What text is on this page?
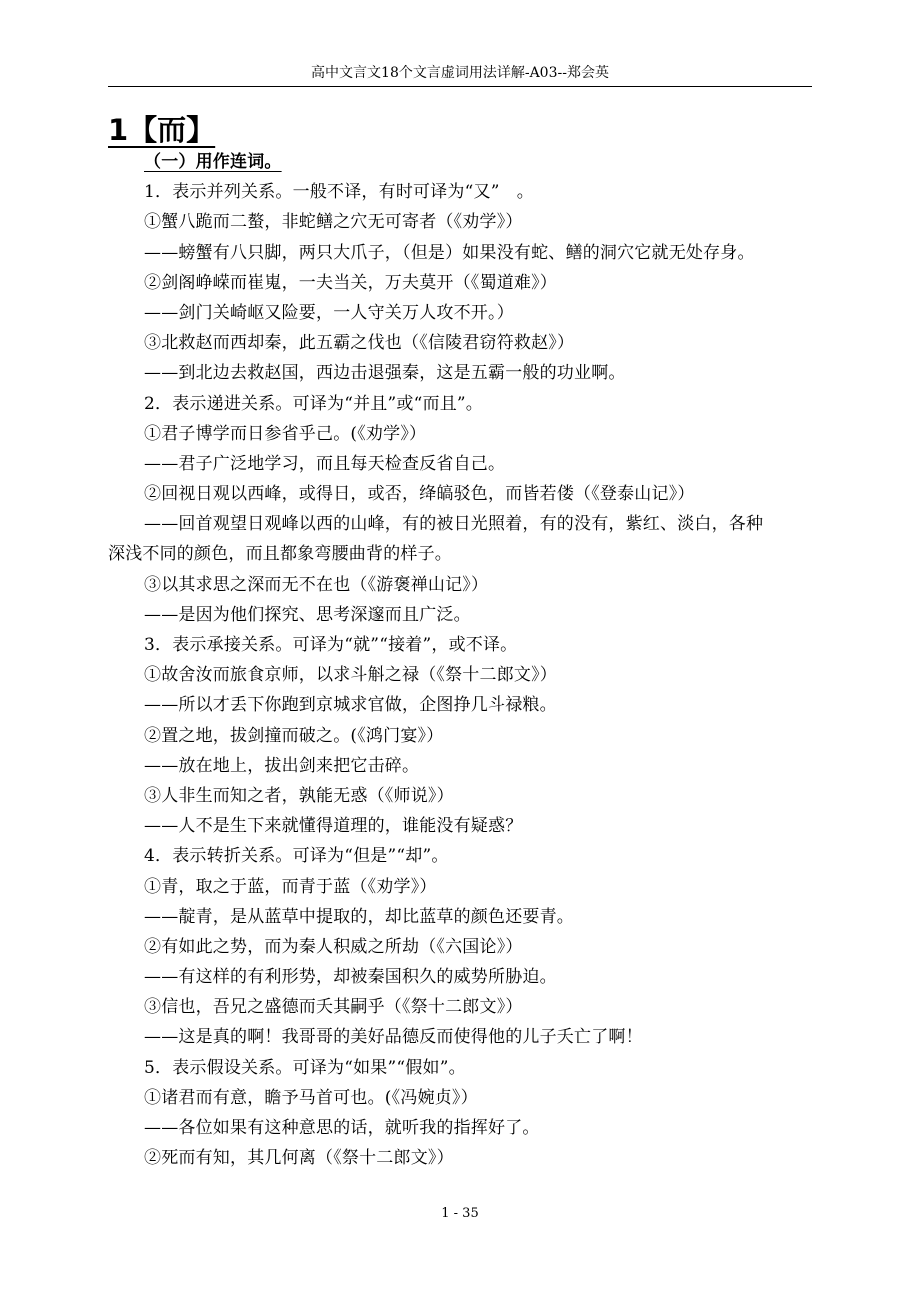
高中文言文18个文言虚词用法详解-A03--郑会英
1【而】
（一）用作连词。
1．表示并列关系。一般不译，有时可译为“又”　。
①蟹八跪而二螯，非蛇鳝之穴无可寄者（《劝学》）
——螃蟹有八只脚，两只大爪子，（但是）如果没有蛇、鳝的洞穴它就无处存身。
②剑阁峥嵘而崔嵬，一夫当关，万夫莫开（《蜀道难》）
——剑门关崎岖又险要，一人守关万人攻不开。）
③北救赵而西却秦，此五霸之伐也（《信陵君窃符救赵》）
——到北边去救赵国，西边击退强秦，这是五霸一般的功业啊。
2．表示递进关系。可译为“并且”或“而且”。
①君子博学而日参省乎己。(《劝学》）
——君子广泛地学习，而且每天检查反省自己。
②回视日观以西峰，或得日，或否，绛皜驳色，而皆若偻（《登泰山记》）
——回首观望日观峰以西的山峰，有的被日光照着，有的没有，紫红、淡白，各种
深浅不同的颜色，而且都象弯腰曲背的样子。
③以其求思之深而无不在也（《游褒禅山记》）
——是因为他们探究、思考深邃而且广泛。
3．表示承接关系。可译为“就”“接着”，或不译。
①故舍汝而旅食京师，以求斗斛之禄（《祭十二郎文》）
——所以才丢下你跑到京城求官做，企图挣几斗禄粮。
②置之地，拔剑撞而破之。(《鸿门宴》）
——放在地上，拔出剑来把它击碎。
③人非生而知之者，孰能无惑（《师说》）
——人不是生下来就懂得道理的，谁能没有疑惑？
4．表示转折关系。可译为“但是”“却”。
①青，取之于蓝，而青于蓝（《劝学》）
——靛青，是从蓝草中提取的，却比蓝草的颜色还要青。
②有如此之势，而为秦人积威之所劫（《六国论》）
——有这样的有利形势，却被秦国积久的威势所胁迫。
③信也，吾兄之盛德而夭其嗣乎（《祭十二郎文》）
——这是真的啊！我哥哥的美好品德反而使得他的儿子夭亡了啊！
5．表示假设关系。可译为“如果”“假如”。
①诸君而有意，瞻予马首可也。(《冯婉贞》）
——各位如果有这种意思的话，就听我的指挥好了。
②死而有知，其几何离（《祭十二郎文》）
1 - 35
